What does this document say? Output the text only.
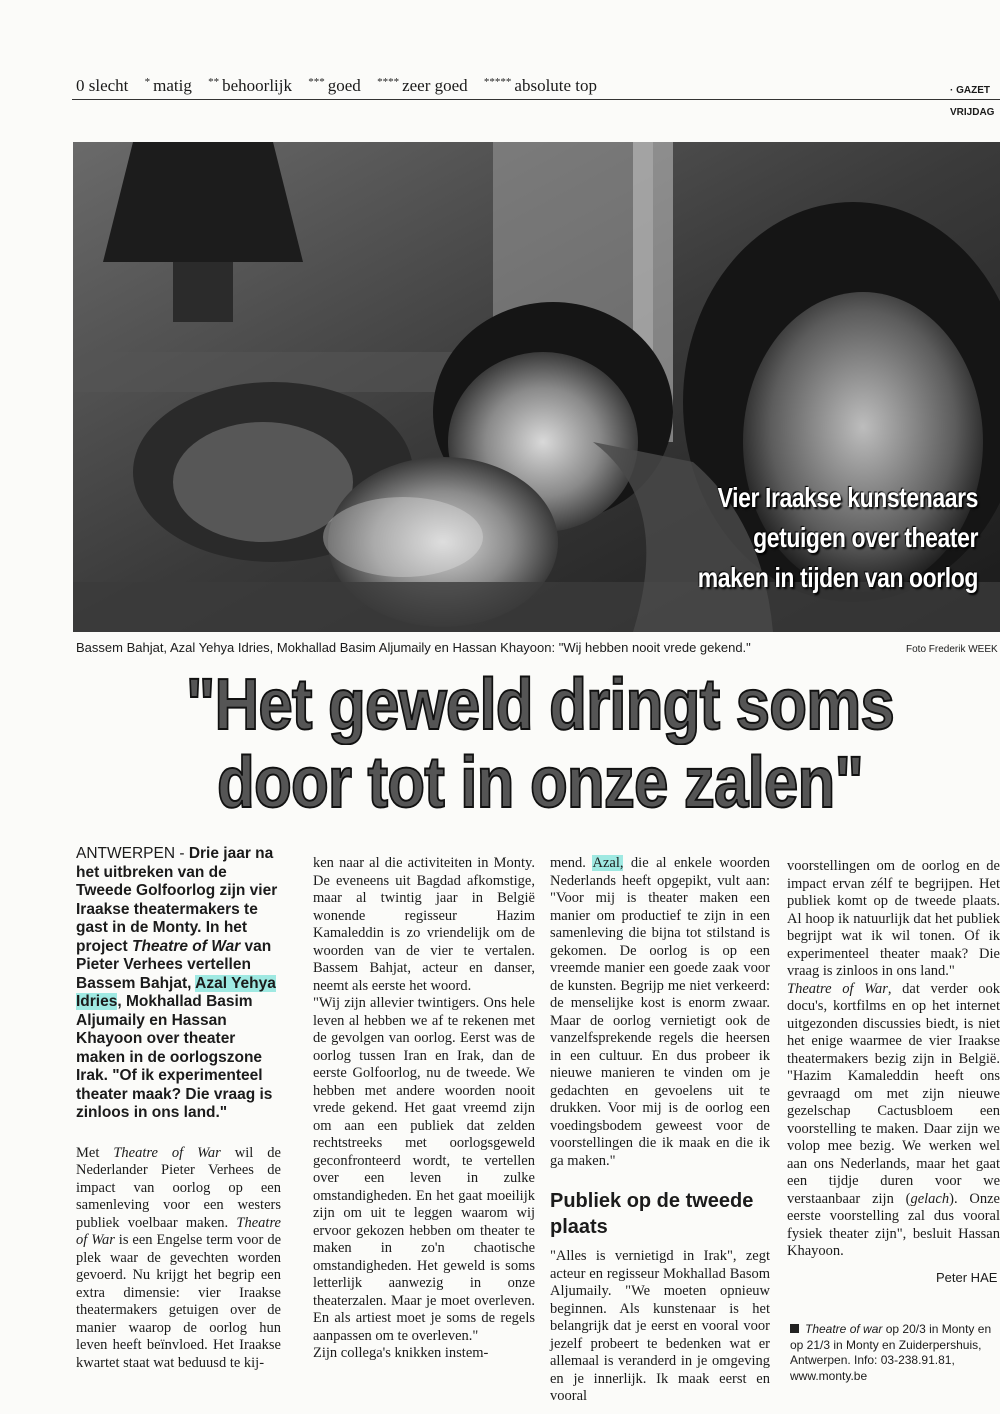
0 slecht * matig ** behoorlijk *** goed **** zeer goed ***** absolute top	· GAZET
VRIJDAG
Vier Iraakse kunstenaars
getuigen over theater
maken in tijden van oorlog
Bassem Bahjat, Azal Yehya Idries, Mokhallad Basim Aljumaily en Hassan Khayoon: "Wij hebben nooit vrede gekend."	Foto Frederik WEEK
"Het geweld dringt soms
door tot in onze zalen"

ANTWERPEN - Drie jaar na het uitbreken van de Tweede Golfoorlog zijn vier Iraakse theatermakers te gast in de Monty. In het project Theatre of War van Pieter Verhees vertellen Bassem Bahjat, Azal Yehya Idries, Mokhallad Basim Aljumaily en Hassan Khayoon over theater maken in de oorlogszone Irak. "Of ik experimenteel theater maak? Die vraag is zinloos in ons land."

Met Theatre of War wil de Nederlander Pieter Verhees de impact van oorlog op een samenleving voor een westers publiek voelbaar maken. Theatre of War is een Engelse term voor de plek waar de gevechten worden gevoerd. Nu krijgt het begrip een extra dimensie: vier Iraakse theatermakers getuigen over de manier waarop de oorlog hun leven heeft beïnvloed. Het Iraakse kwartet staat wat beduusd te kij-

ken naar al die activiteiten in Monty. De eveneens uit Bagdad afkomstige, maar al twintig jaar in België wonende regisseur Hazim Kamaleddin is zo vriendelijk om de woorden van de vier te vertalen. Bassem Bahjat, acteur en danser, neemt als eerste het woord.

"Wij zijn allevier twintigers. Ons hele leven al hebben we af te rekenen met de gevolgen van oorlog. Eerst was de oorlog tussen Iran en Irak, dan de eerste Golfoorlog, nu de tweede. We hebben met andere woorden nooit vrede gekend. Het gaat vreemd zijn om aan een publiek dat zelden rechtstreeks met oorlogsgeweld geconfronteerd wordt, te vertellen over een leven in zulke omstandigheden. En het gaat moeilijk zijn om uit te leggen waarom wij ervoor gekozen hebben om theater te maken in zo'n chaotische omstandigheden. Het geweld is soms letterlijk aanwezig in onze theaterzalen. Maar je moet overleven. En als artiest moet je soms de regels aanpassen om te overleven."

Zijn collega's knikken instem-

mend. Azal, die al enkele woorden Nederlands heeft opgepikt, vult aan: "Voor mij is theater maken een manier om productief te zijn in een samenleving die bijna tot stilstand is gekomen. De oorlog is op een vreemde manier een goede zaak voor de kunsten. Begrijp me niet verkeerd: de menselijke kost is enorm zwaar. Maar de oorlog vernietigt ook de vanzelfsprekende regels die heersen in een cultuur. En dus probeer ik nieuwe manieren te vinden om je gedachten en gevoelens uit te drukken. Voor mij is de oorlog een voedingsbodem geweest voor de voorstellingen die ik maak en die ik ga maken."

Publiek op de tweede plaats

"Alles is vernietigd in Irak", zegt acteur en regisseur Mokhallad Basom Aljumaily. "We moeten opnieuw beginnen. Als kunstenaar is het belangrijk dat je eerst en vooral voor jezelf probeert te bedenken wat er allemaal is veranderd in je omgeving en je innerlijk. Ik maak eerst en vooral

voorstellingen om de oorlog en de impact ervan zélf te begrijpen. Het publiek komt op de tweede plaats. Al hoop ik natuurlijk dat het publiek begrijpt wat ik wil tonen. Of ik experimenteel theater maak? Die vraag is zinloos in ons land."

Theatre of War, dat verder ook docu's, kortfilms en op het internet uitgezonden discussies biedt, is niet het enige waarmee de vier Iraakse theatermakers bezig zijn in België. "Hazim Kamaleddin heeft ons gevraagd om met zijn nieuwe gezelschap Cactusbloem een voorstelling te maken. Daar zijn we volop mee bezig. We werken wel aan ons Nederlands, maar het gaat een tijdje duren voor we verstaanbaar zijn (gelach). Onze eerste voorstelling zal dus vooral fysiek theater zijn", besluit Hassan Khayoon.

Peter HAE

Theatre of war op 20/3 in Monty en

op 21/3 in Monty en Zuiderpershuis,

Antwerpen. Info: 03-238.91.81,

www.monty.be
